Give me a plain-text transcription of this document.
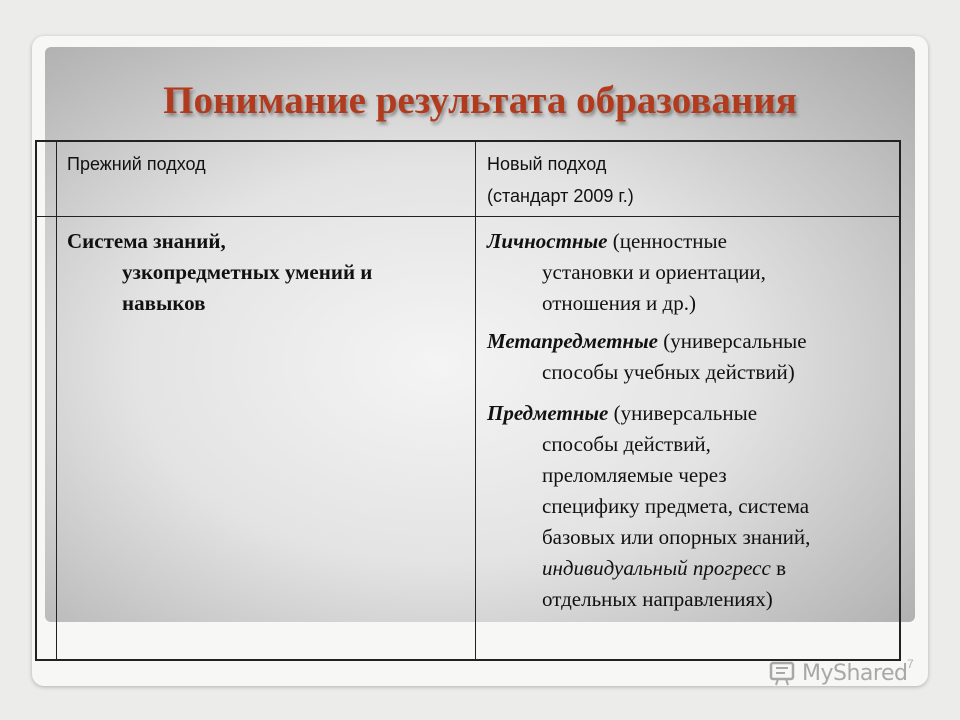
Понимание результата образования
Прежний подход	Новый подход
(стандарт 2009 г.)
Система знаний,
узкопредметных умений и
навыков
Личностные (ценностные
установки и ориентации,
отношения и др.)
Метапредметные (универсальные
способы учебных действий)
Предметные (универсальные
способы действий,
преломляемые через
специфику предмета, система
базовых или опорных знаний,
индивидуальный прогресс в
отдельных направлениях)
7
MyShared
